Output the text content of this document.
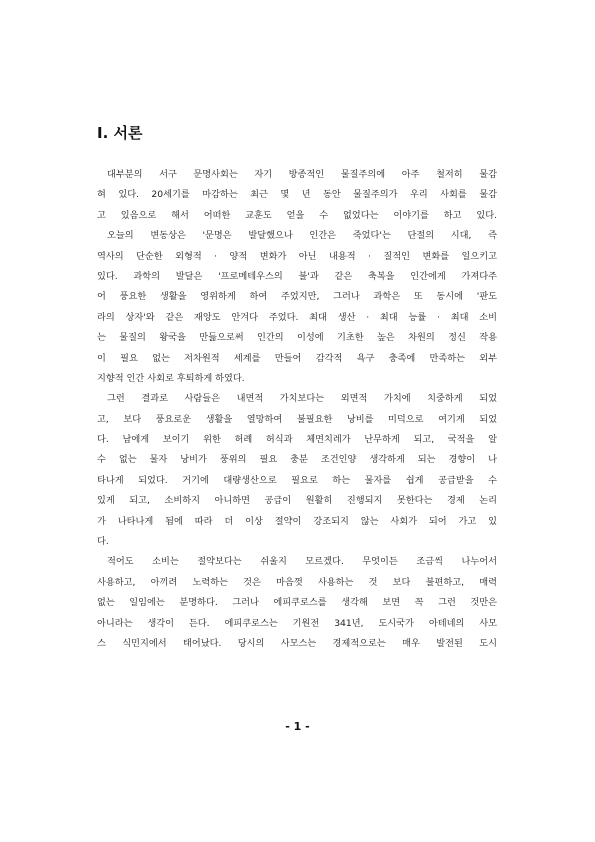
Ⅰ. 서론
대부분의 서구 문명사회는 자기 방종적인 물질주의에 아주 철저히 물감
혀 있다. 20세기를 마감하는 최근 몇 년 동안 물질주의가 우리 사회를 물감
고 있음으로 해서 어떠한 교훈도 얻을 수 없었다는 이야기를 하고 있다.
오늘의 변동상은 '문명은 발달했으나 인간은 죽었다'는 단절의 시대, 즉
역사의 단순한 외형적 · 양적 변화가 아닌 내용적 · 질적인 변화를 일으키고
있다. 과학의 발달은 '프로메테우스의 불'과 같은 축복을 인간에게 가져다주
어 풍요한 생활을 영위하게 하여 주었지만, 그러나 과학은 또 동시에 '판도
라의 상자'와 같은 재앙도 안겨다 주었다. 최대 생산 · 최대 능률 · 최대 소비
는 물질의 왕국을 만듦으로써 인간의 이성에 기초한 높은 차원의 정신 작용
이 필요 없는 저차원적 세계를 만들어 감각적 욕구 충족에 만족하는 외부
지향적 인간 사회로 후퇴하게 하였다.
그런 결과로 사람들은 내면적 가치보다는 외면적 가치에 치중하게 되었
고, 보다 풍요로운 생활을 열망하여 불필요한 낭비를 미덕으로 여기게 되었
다. 남에게 보이기 위한 허례 허식과 체면치레가 난무하게 되고, 국적을 알
수 없는 물자 낭비가 풍위의 필요 충분 조건인양 생각하게 되는 경향이 나
타나게 되었다. 거기에 대량생산으로 필요로 하는 물자를 쉽게 공급받을 수
있게 되고, 소비하지 아니하면 공급이 원활히 진행되지 못한다는 경제 논리
가 나타나게 됨에 따라 더 이상 절약이 강조되지 않는 사회가 되어 가고 있
다.
적어도 소비는 절약보다는 쉬울지 모르겠다. 무엇이든 조금씩 나누어서
사용하고, 아끼려 노력하는 것은 마음껏 사용하는 것 보다 불편하고, 매력
없는 일임에는 분명하다. 그러나 에피쿠로스를 생각해 보면 꼭 그런 것만은
아니라는 생각이 든다. 에피쿠로스는 기원전 341년, 도시국가 아테네의 사모
스 식민지에서 태어났다. 당시의 사모스는 경제적으로는 매우 발전된 도시
- 1 -
